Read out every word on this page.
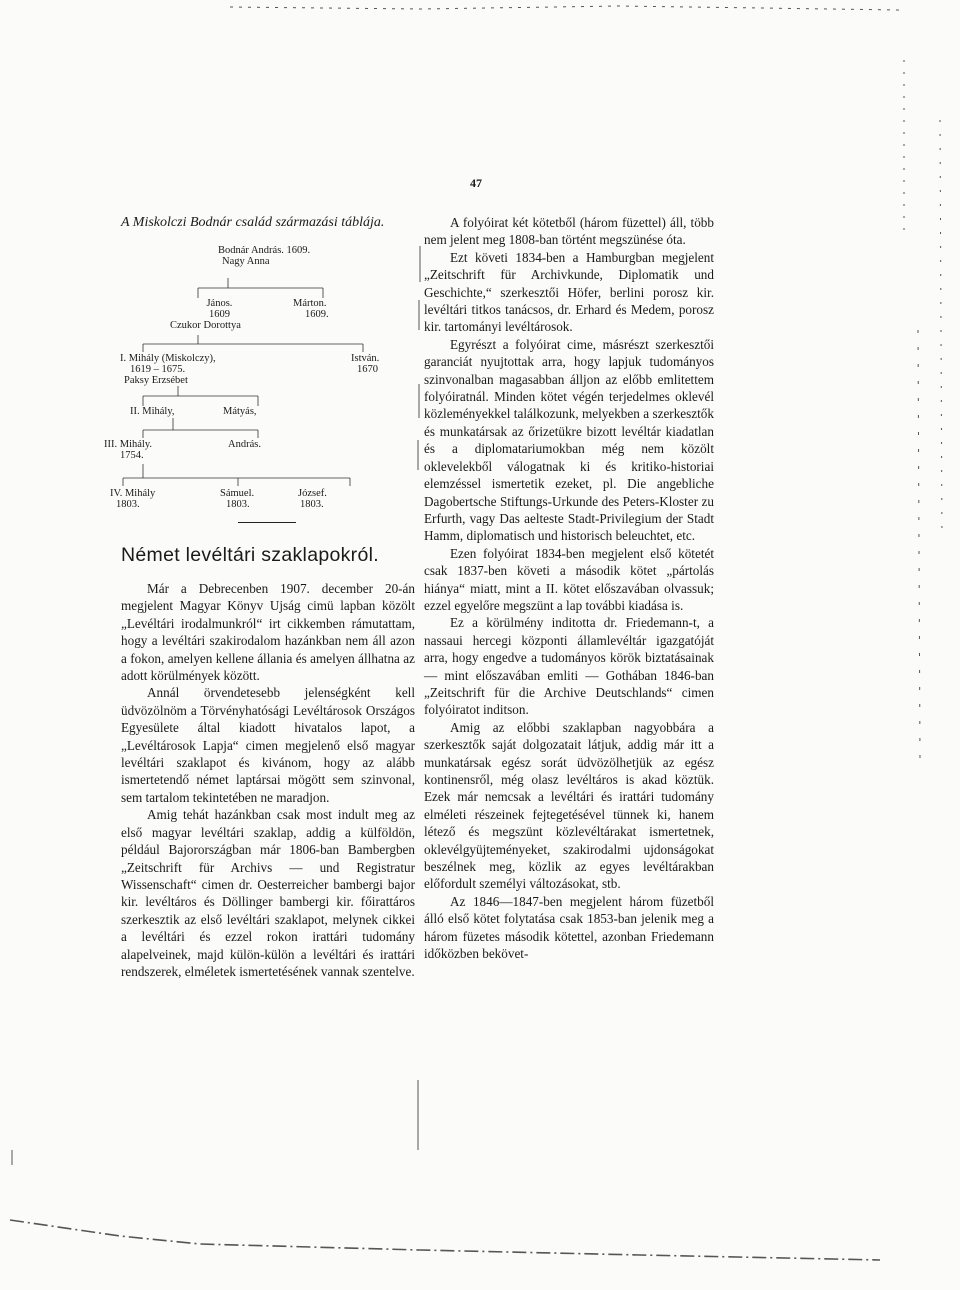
47
A Miskolczi Bodnár család származási táblája.
Bodnár András. 1609.
Nagy Anna
János.
1609
Czukor Dorottya
Márton.
1609.
I. Mihály (Miskolczy),
1619 – 1675.
Paksy Erzsébet
István.
1670
II. Mihály,	Mátyás,
III. Mihály.
1754.
András.
IV. Mihály
1803.
Sámuel.
1803.
József.
1803.
Német levéltári szaklapokról.

Már a Debrecenben 1907. december 20-án megjelent Magyar Könyv Ujság cimü lapban közölt „Levéltári irodalmunkról“ irt cikkemben rámutattam, hogy a levéltári szakirodalom hazánkban nem áll azon a fokon, amelyen kellene állania és amelyen állhatna az adott körülmények között.

Annál örvendetesebb jelenségként kell üdvözölnöm a Törvényhatósági Levéltárosok Országos Egyesülete által kiadott hivatalos lapot, a „Levéltárosok Lapja“ cimen megjelenő első magyar levéltári szaklapot és kivánom, hogy az alább ismertetendő német laptársai mögött sem szinvonal, sem tartalom tekintetében ne maradjon.

Amig tehát hazánkban csak most indult meg az első magyar levéltári szaklap, addig a külföldön, például Bajorországban már 1806-ban Bambergben „Zeitschrift für Archivs — und Registratur Wissenschaft“ cimen dr. Oesterreicher bambergi bajor kir. levéltáros és Döllinger bambergi kir. főirattáros szerkesztik az első levéltári szaklapot, melynek cikkei a levéltári és ezzel rokon irattári tudomány alapelveinek, majd külön-külön a levéltári és irattári rendszerek, elméletek ismertetésének vannak szentelve.

A folyóirat két kötetből (három füzettel) áll, több nem jelent meg 1808-ban történt megszünése óta.

Ezt követi 1834-ben a Hamburgban megjelent „Zeitschrift für Archivkunde, Diplomatik und Geschichte,“ szerkesztői Höfer, berlini porosz kir. levéltári titkos tanácsos, dr. Erhard és Medem, porosz kir. tartományi levéltárosok.

Egyrészt a folyóirat cime, másrészt szerkesztői garanciát nyujtottak arra, hogy lapjuk tudományos szinvonalban magasabban álljon az előbb emlitettem folyóiratnál. Minden kötet végén terjedelmes oklevél közleményekkel találkozunk, melyekben a szerkesztők és munkatársak az őrizetükre bizott levéltár kiadatlan és a diplomatariumokban még nem közölt oklevelekből válogatnak ki és kritiko-historiai elemzéssel ismertetik ezeket, pl. Die angebliche Dagobertsche Stiftungs-Urkunde des Peters-Kloster zu Erfurth, vagy Das aelteste Stadt-Privilegium der Stadt Hamm, diplomatisch und historisch beleuchtet, etc.

Ezen folyóirat 1834-ben megjelent első kötetét csak 1837-ben követi a második kötet „pártolás hiánya“ miatt, mint a II. kötet előszavában olvassuk; ezzel egyelőre megszünt a lap további kiadása is.

Ez a körülmény inditotta dr. Friedemann-t, a nassaui hercegi központi államlevéltár igazgatóját arra, hogy engedve a tudományos körök biztatásainak — mint előszavában emliti — Gothában 1846-ban „Zeitschrift für die Archive Deutschlands“ cimen folyóiratot inditson.

Amig az előbbi szaklapban nagyobbára a szerkesztők saját dolgozatait látjuk, addig már itt a munkatársak egész sorát üdvözölhetjük az egész kontinensről, még olasz levéltáros is akad köztük. Ezek már nemcsak a levéltári és irattári tudomány elméleti részeinek fejtegetésével tünnek ki, hanem létező és megszünt közlevéltárakat ismertetnek, oklevélgyüjteményeket, szakirodalmi ujdonságokat beszélnek meg, közlik az egyes levéltárakban előfordult személyi változásokat, stb.

Az 1846—1847-ben megjelent három füzetből álló első kötet folytatása csak 1853-ban jelenik meg a három füzetes második kötettel, azonban Friedemann időközben bekövet-
